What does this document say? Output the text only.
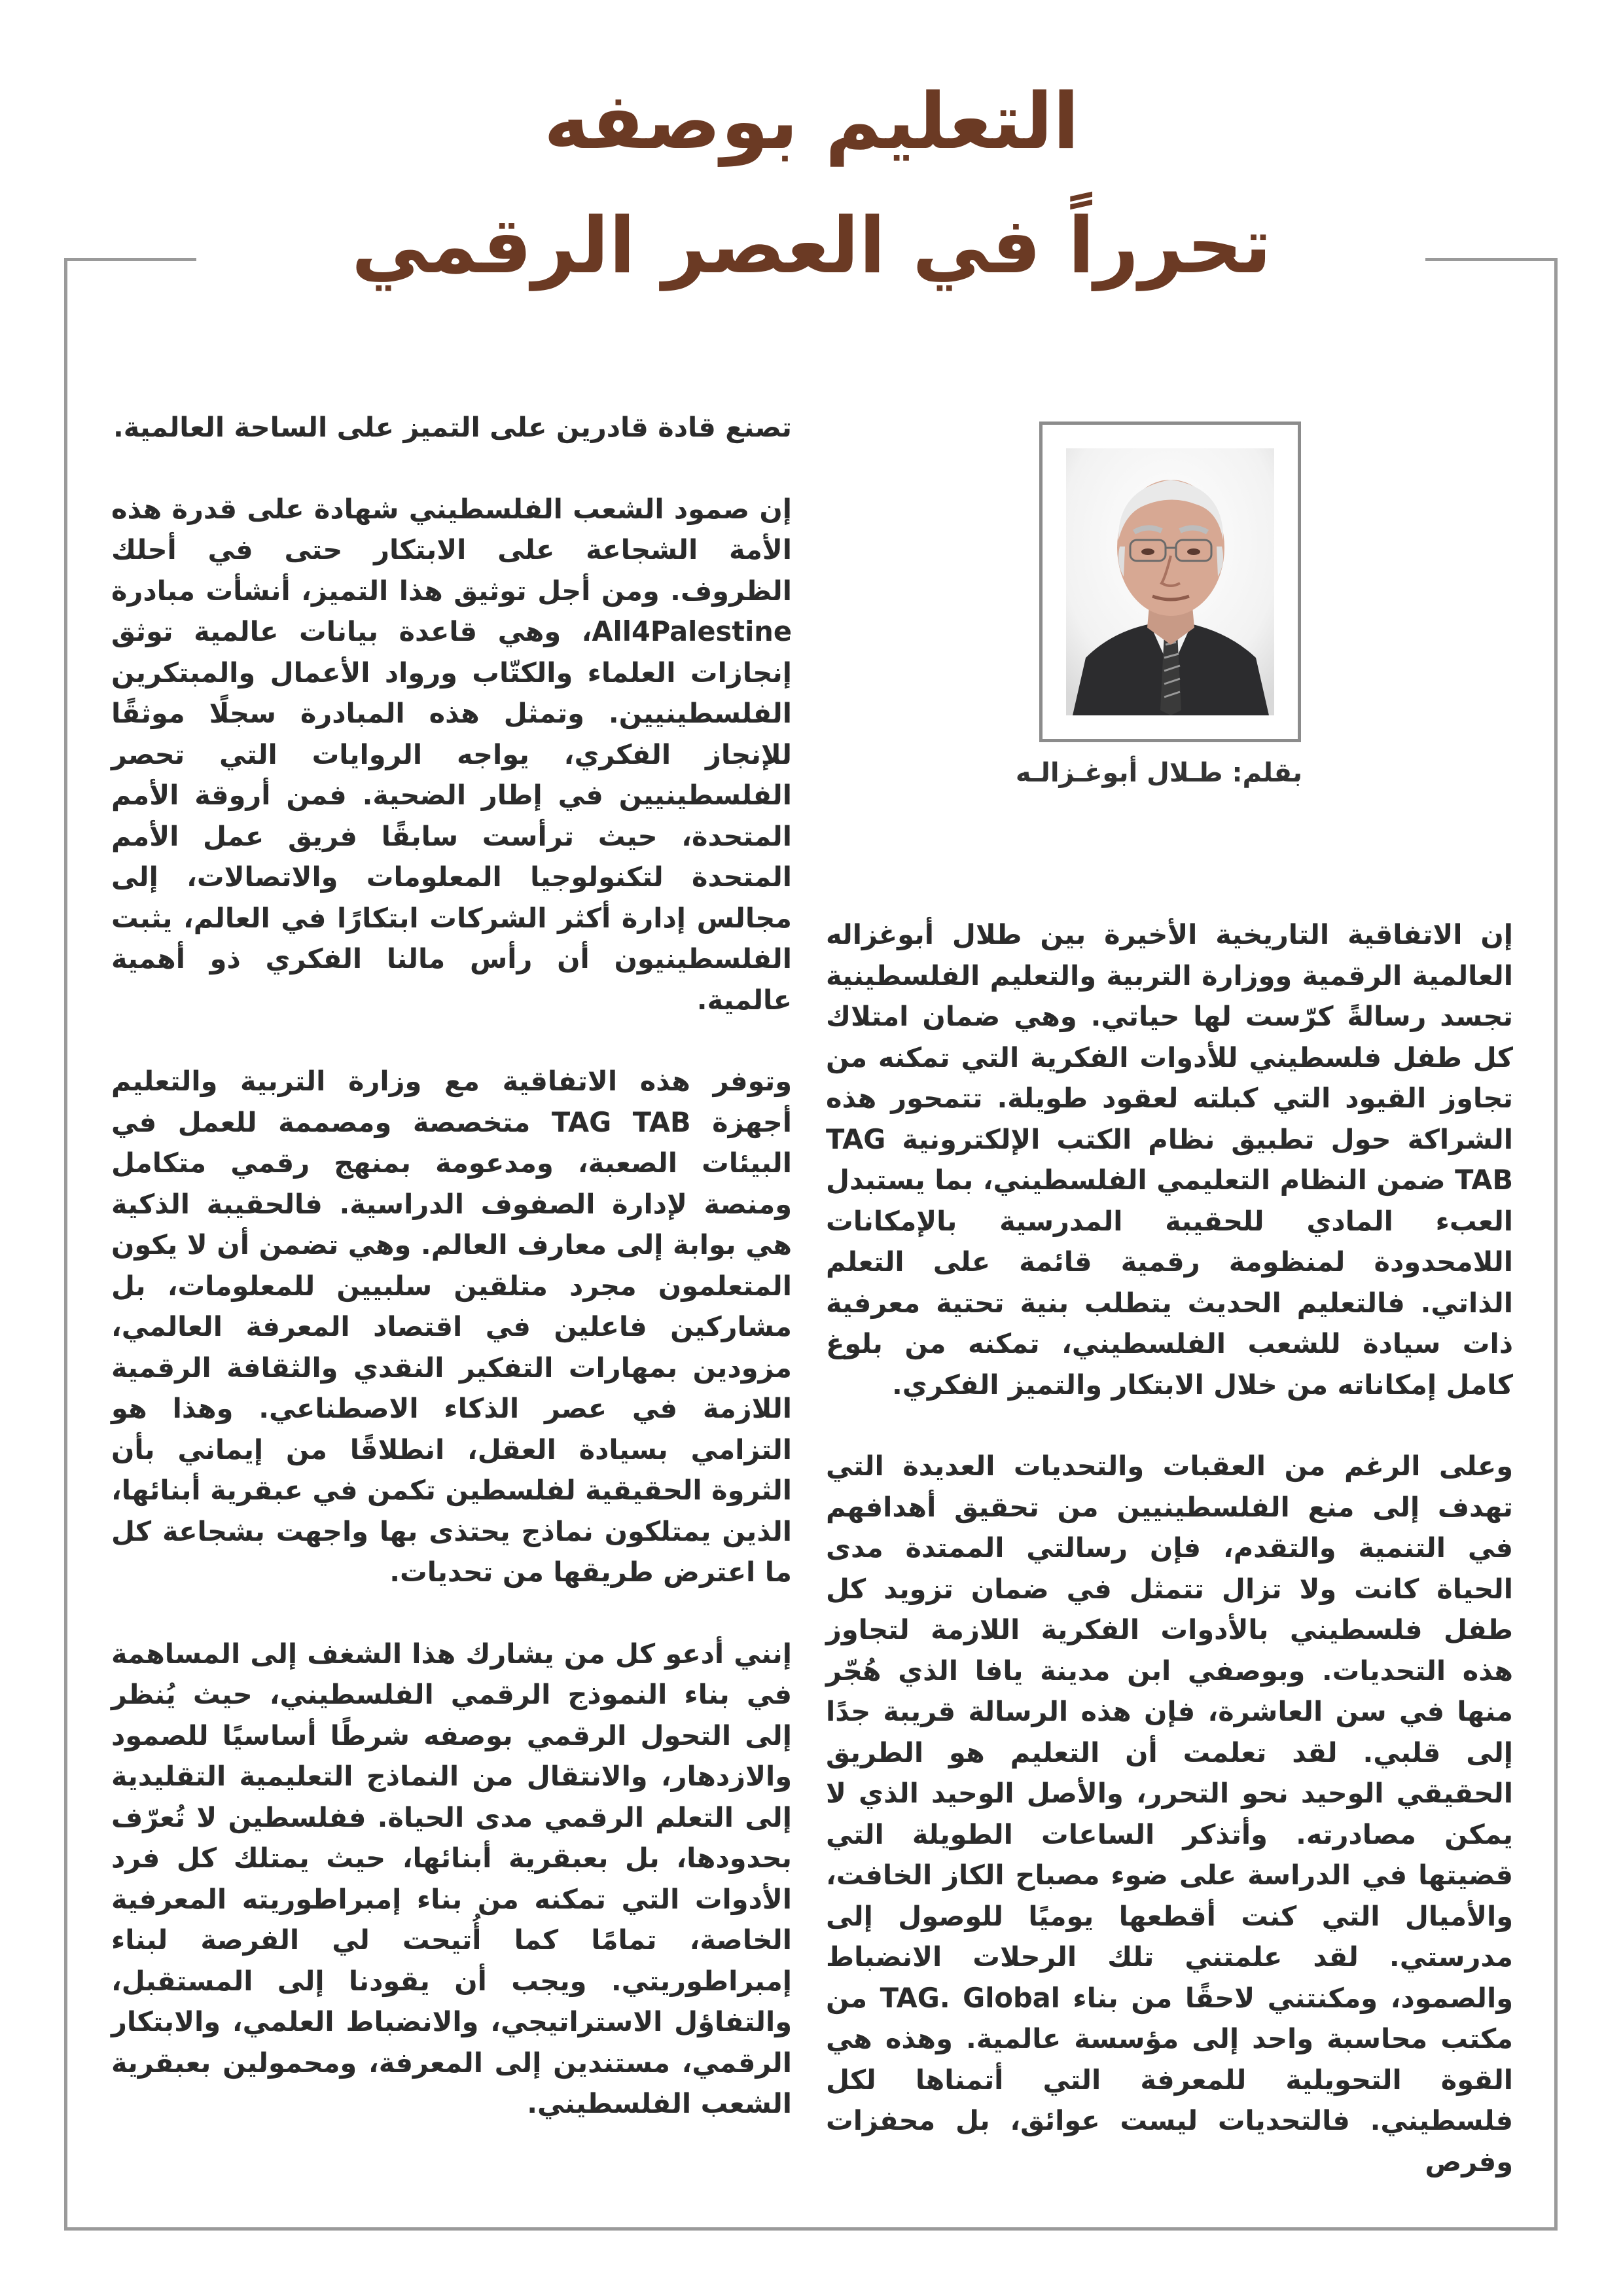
التعليم بوصفه
تحرراً في العصر الرقمي
بقلم: طـلال أبوغـزالـه

إن الاتفاقية التاريخية الأخيرة بين طلال أبوغزاله العالمية الرقمية ووزارة التربية والتعليم الفلسطينية تجسد رسالةً كرّست لها حياتي. وهي ضمان امتلاك كل طفل فلسطيني للأدوات الفكرية التي تمكنه من تجاوز القيود التي كبلته لعقود طويلة. تتمحور هذه الشراكة حول تطبيق نظام الكتب الإلكترونية TAG TAB ضمن النظام التعليمي الفلسطيني، بما يستبدل العبء المادي للحقيبة المدرسية بالإمكانات اللامحدودة لمنظومة رقمية قائمة على التعلم الذاتي. فالتعليم الحديث يتطلب بنية تحتية معرفية ذات سيادة للشعب الفلسطيني، تمكنه من بلوغ كامل إمكاناته من خلال الابتكار والتميز الفكري.

وعلى الرغم من العقبات والتحديات العديدة التي تهدف إلى منع الفلسطينيين من تحقيق أهدافهم في التنمية والتقدم، فإن رسالتي الممتدة مدى الحياة كانت ولا تزال تتمثل في ضمان تزويد كل طفل فلسطيني بالأدوات الفكرية اللازمة لتجاوز هذه التحديات. وبوصفي ابن مدينة يافا الذي هُجّر منها في سن العاشرة، فإن هذه الرسالة قريبة جدًا إلى قلبي. لقد تعلمت أن التعليم هو الطريق الحقيقي الوحيد نحو التحرر، والأصل الوحيد الذي لا يمكن مصادرته. وأتذكر الساعات الطويلة التي قضيتها في الدراسة على ضوء مصباح الكاز الخافت، والأميال التي كنت أقطعها يوميًا للوصول إلى مدرستي. لقد علمتني تلك الرحلات الانضباط والصمود، ومكنتني لاحقًا من بناء TAG. Global من مكتب محاسبة واحد إلى مؤسسة عالمية. وهذه هي القوة التحويلية للمعرفة التي أتمناها لكل فلسطيني. فالتحديات ليست عوائق، بل محفزات وفرص

تصنع قادة قادرين على التميز على الساحة العالمية.

إن صمود الشعب الفلسطيني شهادة على قدرة هذه الأمة الشجاعة على الابتكار حتى في أحلك الظروف. ومن أجل توثيق هذا التميز، أنشأت مبادرة All4Palestine، وهي قاعدة بيانات عالمية توثق إنجازات العلماء والكتّاب ورواد الأعمال والمبتكرين الفلسطينيين. وتمثل هذه المبادرة سجلًا موثقًا للإنجاز الفكري، يواجه الروايات التي تحصر الفلسطينيين في إطار الضحية. فمن أروقة الأمم المتحدة، حيث ترأست سابقًا فريق عمل الأمم المتحدة لتكنولوجيا المعلومات والاتصالات، إلى مجالس إدارة أكثر الشركات ابتكارًا في العالم، يثبت الفلسطينيون أن رأس مالنا الفكري ذو أهمية عالمية.

وتوفر هذه الاتفاقية مع وزارة التربية والتعليم أجهزة TAG TAB متخصصة ومصممة للعمل في البيئات الصعبة، ومدعومة بمنهج رقمي متكامل ومنصة لإدارة الصفوف الدراسية. فالحقيبة الذكية هي بوابة إلى معارف العالم. وهي تضمن أن لا يكون المتعلمون مجرد متلقين سلبيين للمعلومات، بل مشاركين فاعلين في اقتصاد المعرفة العالمي، مزودين بمهارات التفكير النقدي والثقافة الرقمية اللازمة في عصر الذكاء الاصطناعي. وهذا هو التزامي بسيادة العقل، انطلاقًا من إيماني بأن الثروة الحقيقية لفلسطين تكمن في عبقرية أبنائها، الذين يمتلكون نماذج يحتذى بها واجهت بشجاعة كل ما اعترض طريقها من تحديات.

إنني أدعو كل من يشارك هذا الشغف إلى المساهمة في بناء النموذج الرقمي الفلسطيني، حيث يُنظر إلى التحول الرقمي بوصفه شرطًا أساسيًا للصمود والازدهار، والانتقال من النماذج التعليمية التقليدية إلى التعلم الرقمي مدى الحياة. ففلسطين لا تُعرّف بحدودها، بل بعبقرية أبنائها، حيث يمتلك كل فرد الأدوات التي تمكنه من بناء إمبراطوريته المعرفية الخاصة، تمامًا كما أُتيحت لي الفرصة لبناء إمبراطوريتي. ويجب أن يقودنا إلى المستقبل، والتفاؤل الاستراتيجي، والانضباط العلمي، والابتكار الرقمي، مستندين إلى المعرفة، ومحمولين بعبقرية الشعب الفلسطيني.
